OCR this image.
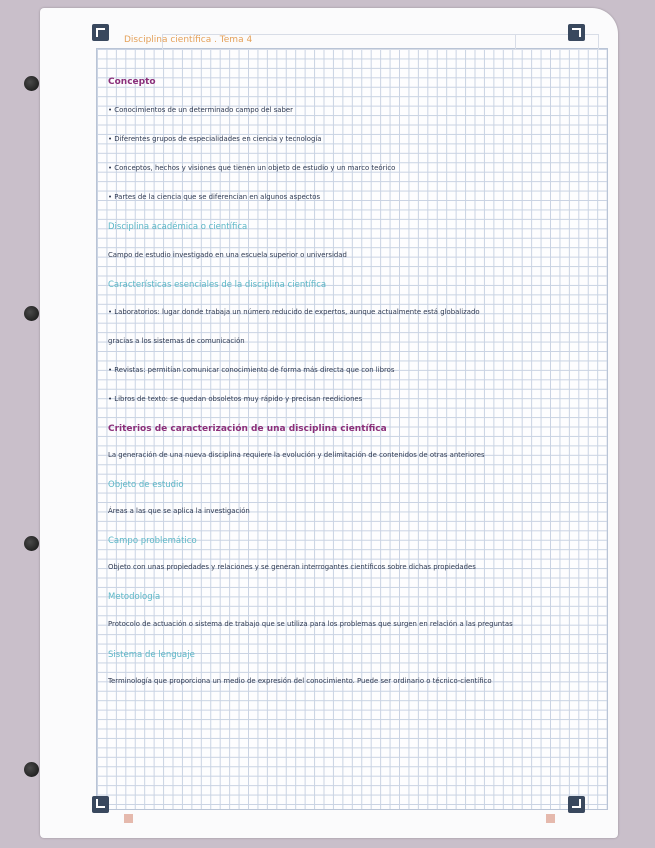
Disciplina científica . Tema 4
Concepto
• Conocimientos de un determinado campo del saber
• Diferentes grupos de especialidades en ciencia y tecnología
• Conceptos, hechos y visiones que tienen un objeto de estudio y un marco teórico
• Partes de la ciencia que se diferencian en algunos aspectos
Disciplina académica o científica
Campo de estudio investigado en una escuela superior o universidad
Características esenciales de la disciplina científica
• Laboratorios: lugar donde trabaja un número reducido de expertos, aunque actualmente está globalizado
gracias a los sistemas de comunicación
• Revistas: permitían comunicar conocimiento de forma más directa que con libros
• Libros de texto: se quedan obsoletos muy rápido y precisan reediciones
Criterios de caracterización de una disciplina científica
La generación de una nueva disciplina requiere la evolución y delimitación de contenidos de otras anteriores
Objeto de estudio
Áreas a las que se aplica la investigación
Campo problemático
Objeto con unas propiedades y relaciones y se generan interrogantes científicos sobre dichas propiedades
Metodología
Protocolo de actuación o sistema de trabajo que se utiliza para los problemas que surgen en relación a las preguntas
Sistema de lenguaje
Terminología que proporciona un medio de expresión del conocimiento. Puede ser ordinario o técnico-científico
